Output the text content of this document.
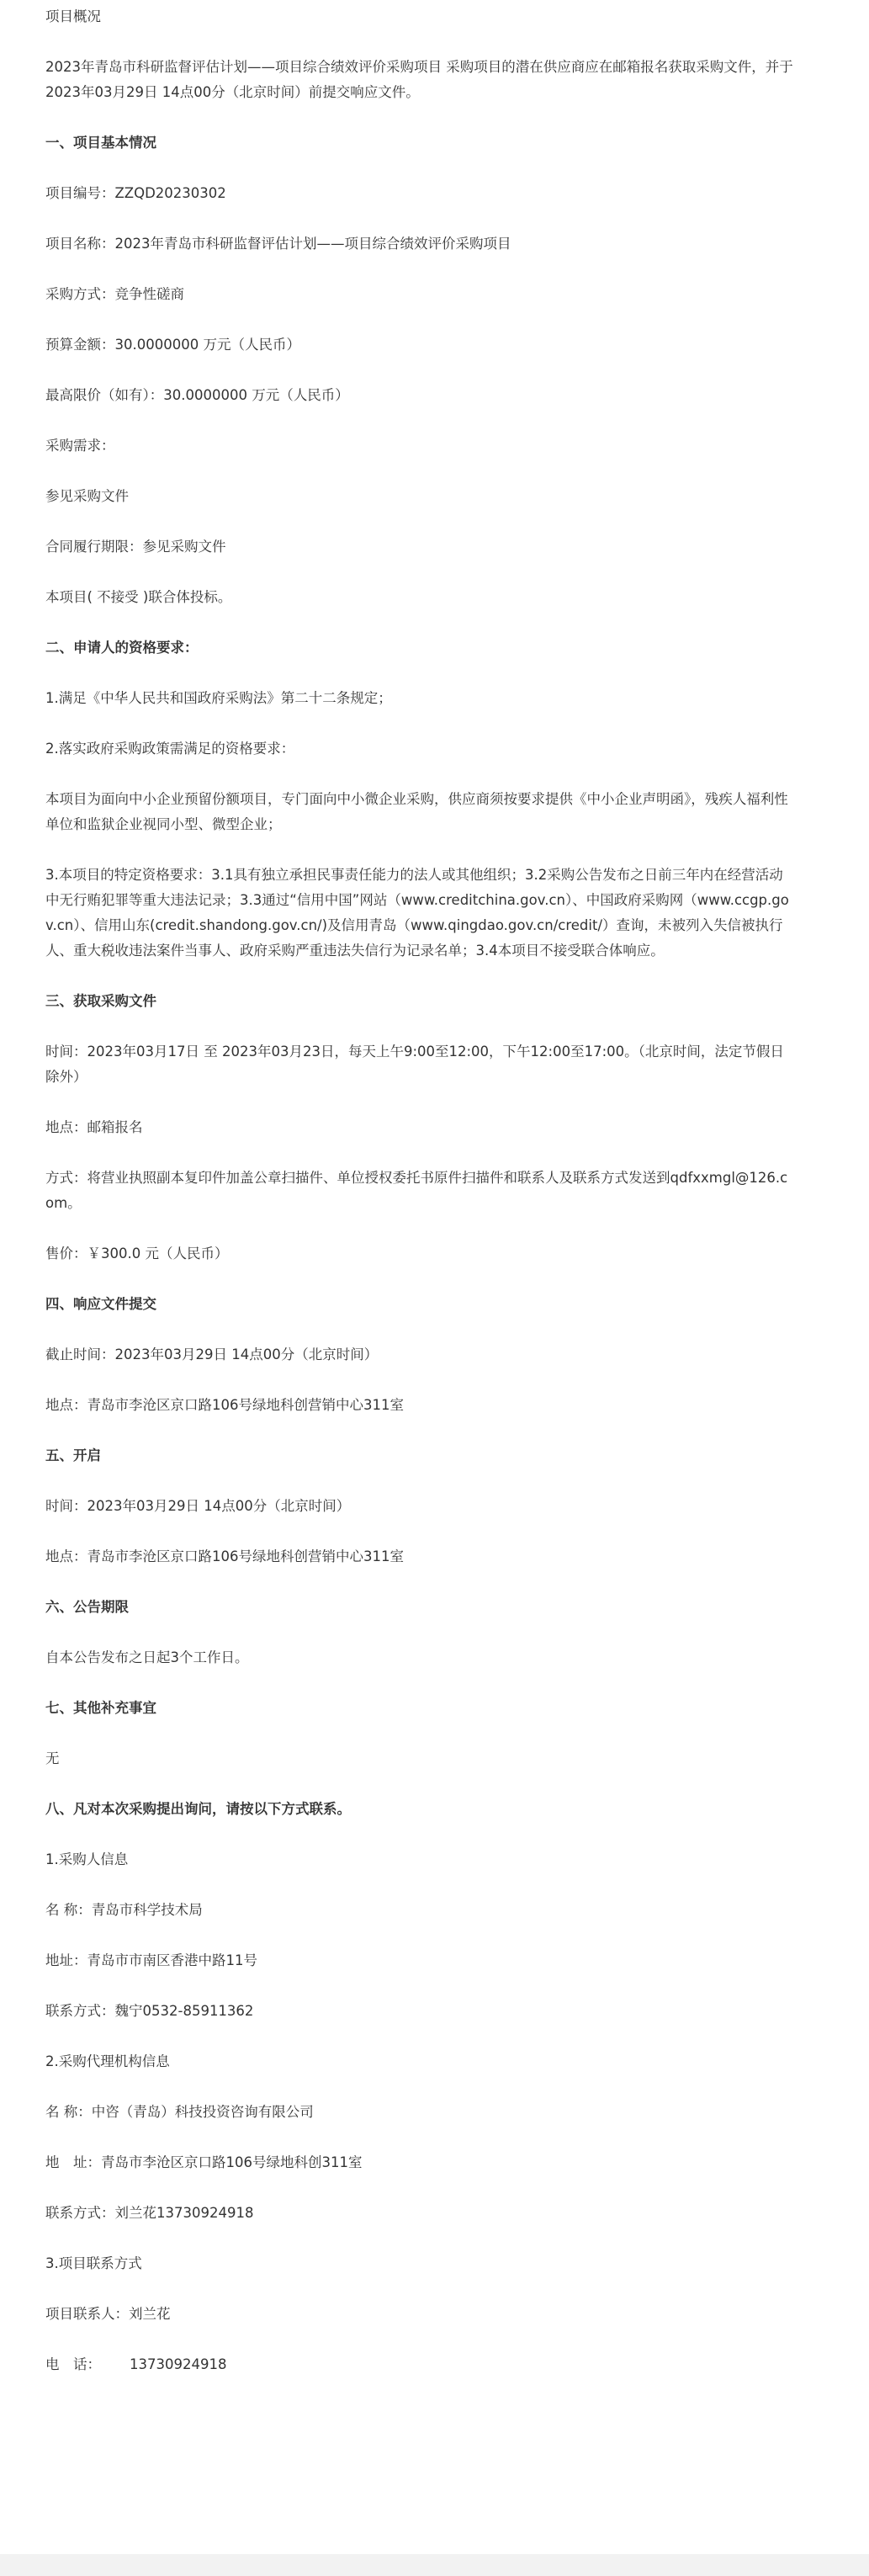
项目概况
2023年青岛市科研监督评估计划——项目综合绩效评价采购项目 采购项目的潜在供应商应在邮箱报名获取采购文件，并于2023年03月29日 14点00分（北京时间）前提交响应文件。
一、项目基本情况
项目编号：ZZQD20230302
项目名称：2023年青岛市科研监督评估计划——项目综合绩效评价采购项目
采购方式：竞争性磋商
预算金额：30.0000000 万元（人民币）
最高限价（如有）：30.0000000 万元（人民币）
采购需求：
参见采购文件
合同履行期限：参见采购文件
本项目( 不接受 )联合体投标。
二、申请人的资格要求：
1.满足《中华人民共和国政府采购法》第二十二条规定；
2.落实政府采购政策需满足的资格要求：
本项目为面向中小企业预留份额项目，专门面向中小微企业采购，供应商须按要求提供《中小企业声明函》，残疾人福利性单位和监狱企业视同小型、微型企业；
3.本项目的特定资格要求：3.1具有独立承担民事责任能力的法人或其他组织；3.2采购公告发布之日前三年内在经营活动中无行贿犯罪等重大违法记录；3.3通过“信用中国”网站（www.creditchina.gov.cn）、中国政府采购网（www.ccgp.gov.cn）、信用山东(credit.shandong.gov.cn/)及信用青岛（www.qingdao.gov.cn/credit/）查询，未被列入失信被执行人、重大税收违法案件当事人、政府采购严重违法失信行为记录名单；3.4本项目不接受联合体响应。
三、获取采购文件
时间：2023年03月17日 至 2023年03月23日，每天上午9:00至12:00，下午12:00至17:00。（北京时间，法定节假日除外）
地点：邮箱报名
方式：将营业执照副本复印件加盖公章扫描件、单位授权委托书原件扫描件和联系人及联系方式发送到qdfxxmgl@126.com。
售价：￥300.0 元（人民币）
四、响应文件提交
截止时间：2023年03月29日 14点00分（北京时间）
地点：青岛市李沧区京口路106号绿地科创营销中心311室
五、开启
时间：2023年03月29日 14点00分（北京时间）
地点：青岛市李沧区京口路106号绿地科创营销中心311室
六、公告期限
自本公告发布之日起3个工作日。
七、其他补充事宜
无
八、凡对本次采购提出询问，请按以下方式联系。
1.采购人信息
名 称：青岛市科学技术局
地址：青岛市市南区香港中路11号
联系方式：魏宁0532-85911362
2.采购代理机构信息
名 称：中咨（青岛）科技投资咨询有限公司
地　址：青岛市李沧区京口路106号绿地科创311室
联系方式：刘兰花13730924918
3.项目联系方式
项目联系人：刘兰花
电　话： 13730924918
